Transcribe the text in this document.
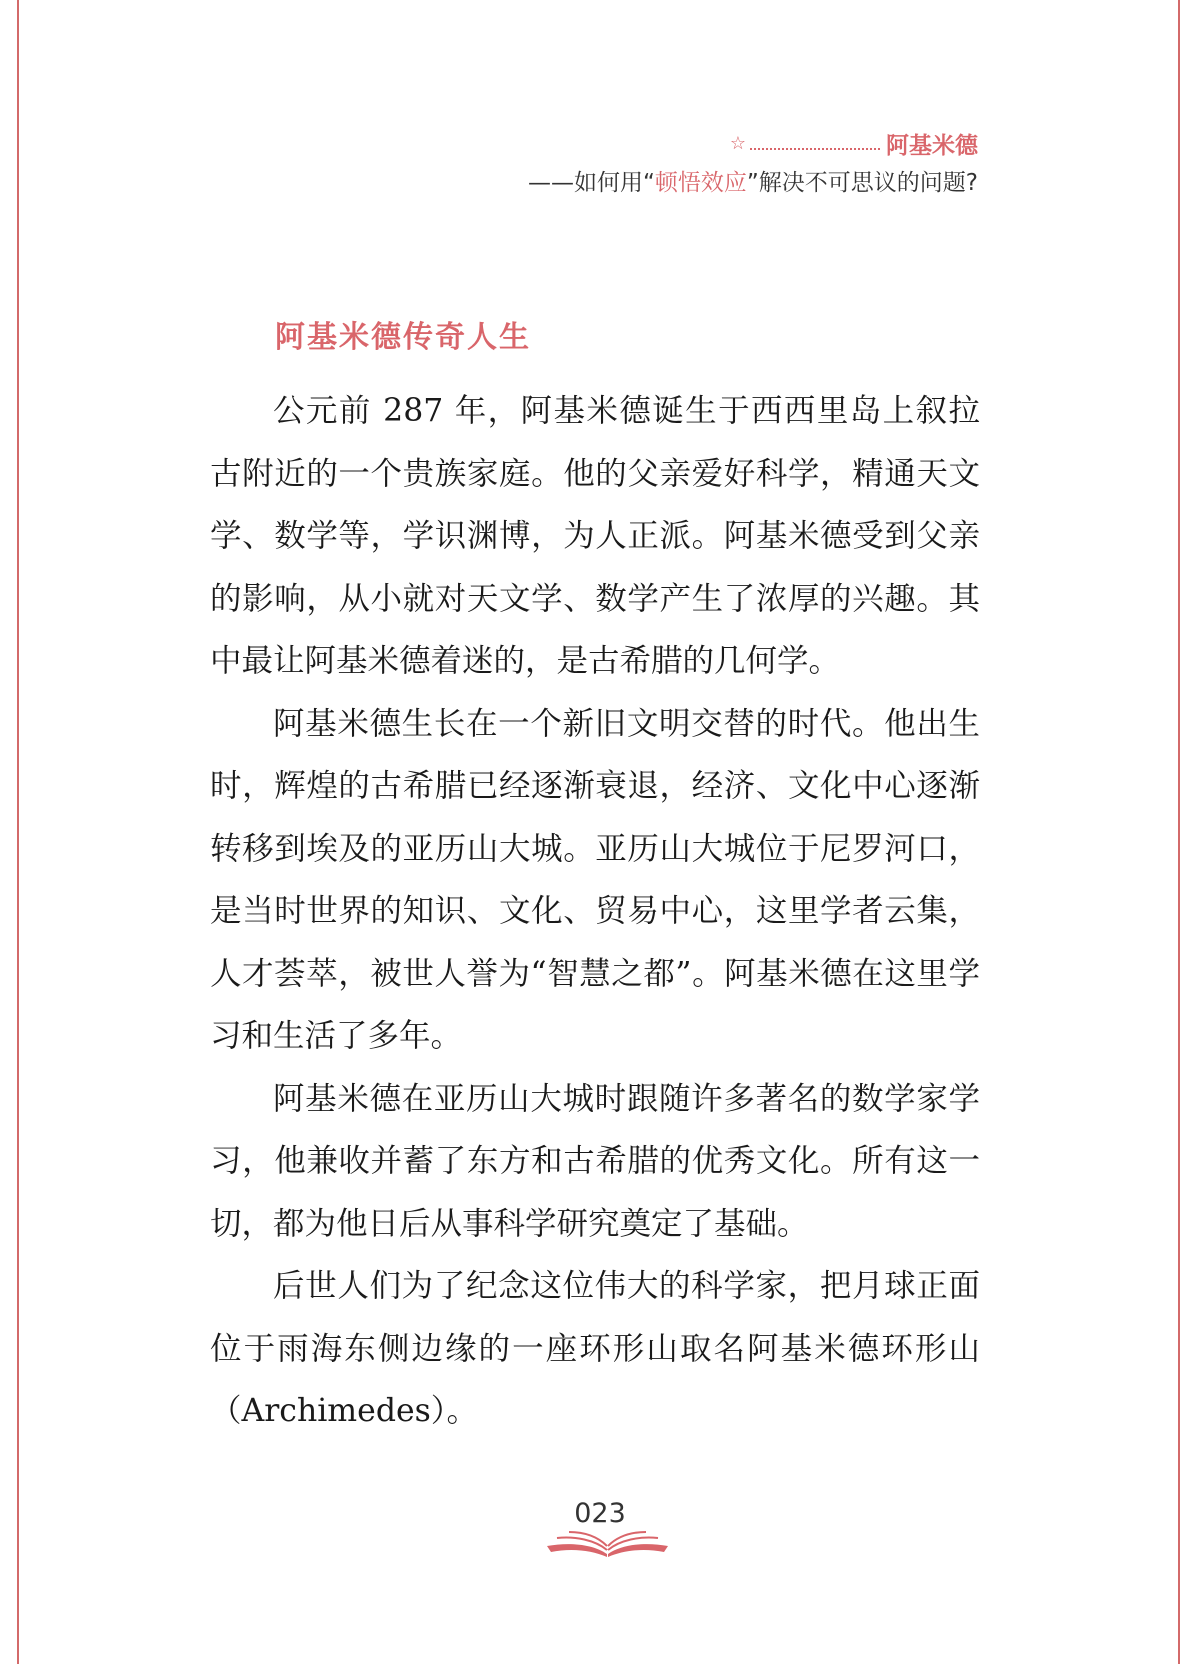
☆	阿基米德
——如何用“顿悟效应”解决不可思议的问题?
阿基米德传奇人生

公元前 287 年，阿基米德诞生于西西里岛上叙拉古附近的一个贵族家庭。他的父亲爱好科学，精通天文学、数学等，学识渊博，为人正派。阿基米德受到父亲的影响，从小就对天文学、数学产生了浓厚的兴趣。其中最让阿基米德着迷的，是古希腊的几何学。

阿基米德生长在一个新旧文明交替的时代。他出生时，辉煌的古希腊已经逐渐衰退，经济、文化中心逐渐转移到埃及的亚历山大城。亚历山大城位于尼罗河口，是当时世界的知识、文化、贸易中心，这里学者云集，人才荟萃，被世人誉为“智慧之都”。阿基米德在这里学习和生活了多年。

阿基米德在亚历山大城时跟随许多著名的数学家学习，他兼收并蓄了东方和古希腊的优秀文化。所有这一切，都为他日后从事科学研究奠定了基础。

后世人们为了纪念这位伟大的科学家，把月球正面位于雨海东侧边缘的一座环形山取名阿基米德环形山（Archimedes）。

023
